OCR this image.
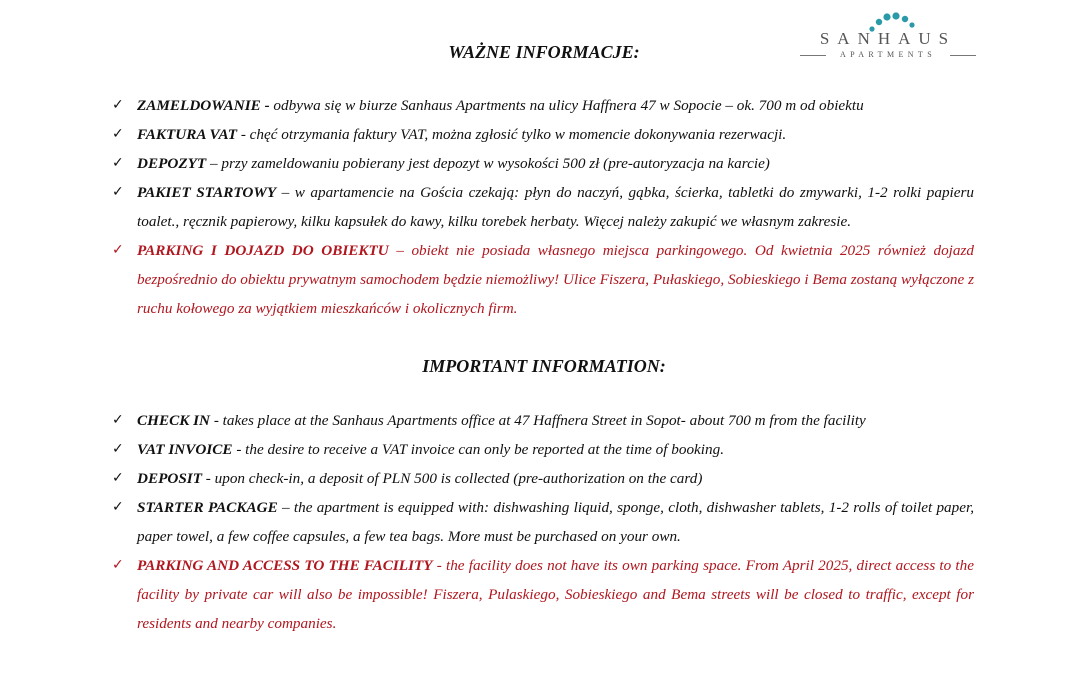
SANHAUS
APARTMENTS
WAŻNE INFORMACJE:
✓ ZAMELDOWANIE - odbywa się w biurze Sanhaus Apartments na ulicy Haffnera 47 w Sopocie – ok. 700 m od obiektu
✓ FAKTURA VAT - chęć otrzymania faktury VAT, można zgłosić tylko w momencie dokonywania rezerwacji.
✓ DEPOZYT – przy zameldowaniu pobierany jest depozyt w wysokości 500 zł (pre-autoryzacja na karcie)
✓ PAKIET STARTOWY – w apartamencie na Gościa czekają: płyn do naczyń, gąbka, ścierka, tabletki do zmywarki, 1-2 rolki papieru toalet., ręcznik papierowy, kilku kapsułek do kawy, kilku torebek herbaty. Więcej należy zakupić we własnym zakresie.
✓ PARKING I DOJAZD DO OBIEKTU – obiekt nie posiada własnego miejsca parkingowego. Od kwietnia 2025 również dojazd bezpośrednio do obiektu prywatnym samochodem będzie niemożliwy! Ulice Fiszera, Pułaskiego, Sobieskiego i Bema zostaną wyłączone z ruchu kołowego za wyjątkiem mieszkańców i okolicznych firm.
IMPORTANT INFORMATION:
✓ CHECK IN - takes place at the Sanhaus Apartments office at 47 Haffnera Street in Sopot- about 700 m from the facility
✓ VAT INVOICE - the desire to receive a VAT invoice can only be reported at the time of booking.
✓ DEPOSIT - upon check-in, a deposit of PLN 500 is collected (pre-authorization on the card)
✓ STARTER PACKAGE – the apartment is equipped with: dishwashing liquid, sponge, cloth, dishwasher tablets, 1-2 rolls of toilet paper, paper towel, a few coffee capsules, a few tea bags. More must be purchased on your own.
✓ PARKING AND ACCESS TO THE FACILITY - the facility does not have its own parking space. From April 2025, direct access to the facility by private car will also be impossible! Fiszera, Pulaskiego, Sobieskiego and Bema streets will be closed to traffic, except for residents and nearby companies.
